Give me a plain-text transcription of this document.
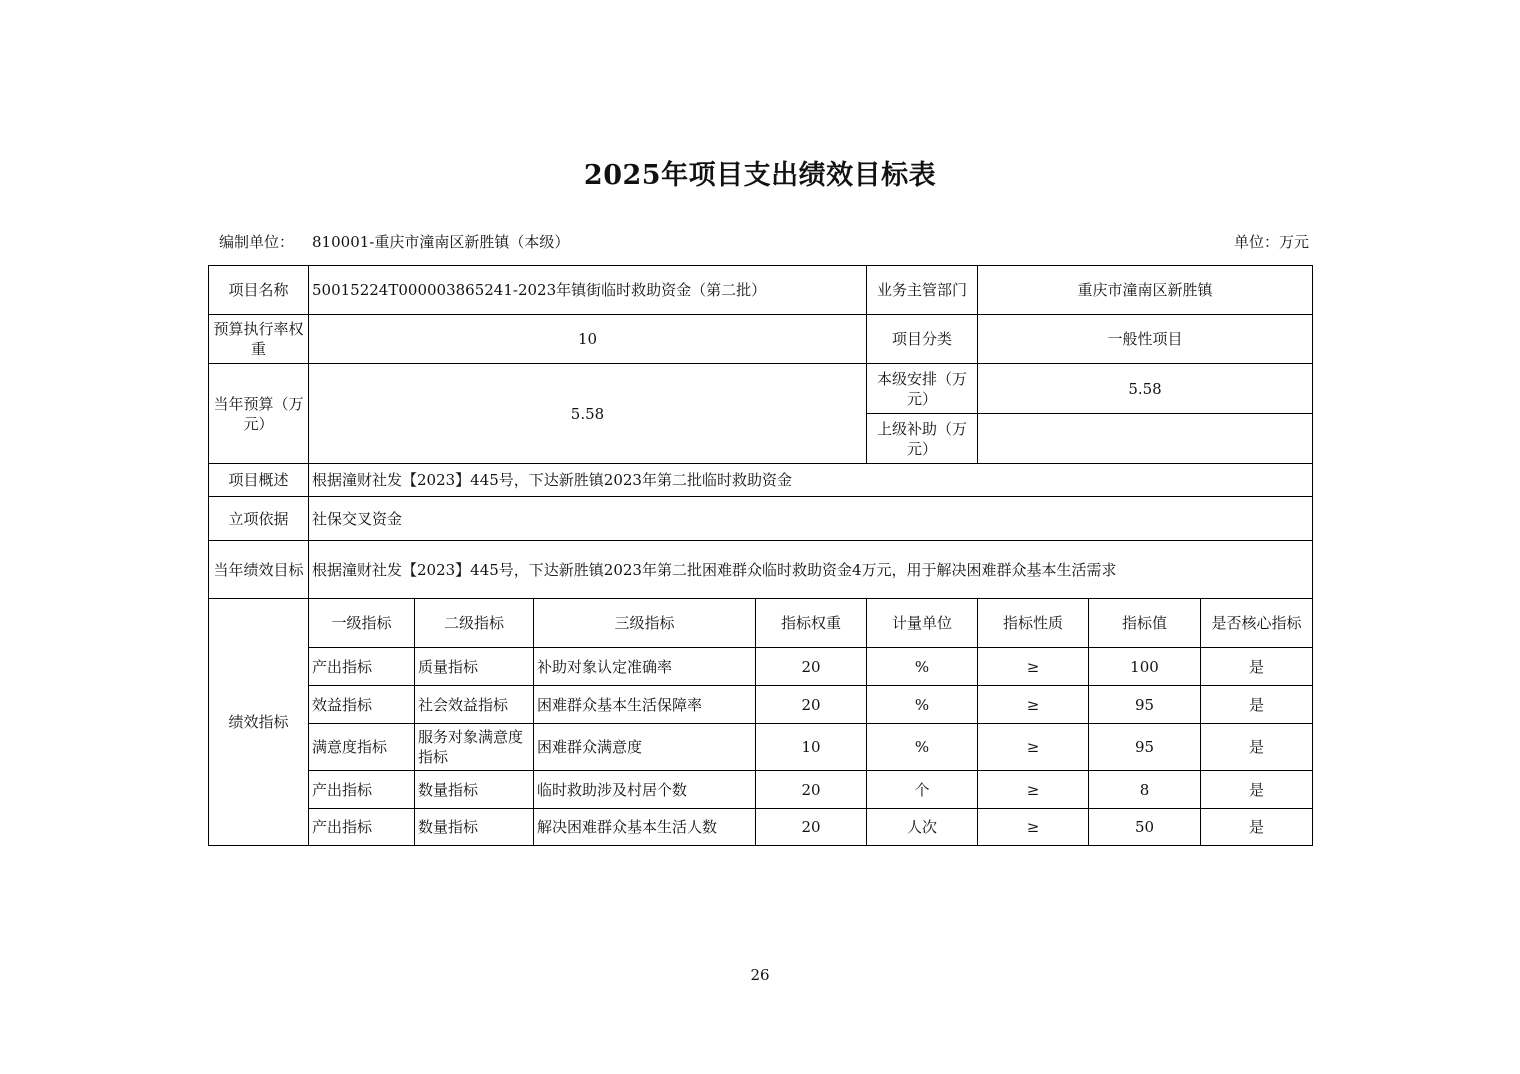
2025年项目支出绩效目标表
编制单位： 810001-重庆市潼南区新胜镇（本级）	单位：万元
项目名称	50015224T000003865241-2023年镇街临时救助资金（第二批）				业务主管部门	重庆市潼南区新胜镇		
预算执行率权重	10				项目分类	一般性项目		
当年预算（万元）	5.58				本级安排（万元）	5.58		
					上级补助（万元）			
项目概述	根据潼财社发【2023】445号，下达新胜镇2023年第二批临时救助资金							
立项依据	社保交叉资金							
当年绩效目标	根据潼财社发【2023】445号，下达新胜镇2023年第二批困难群众临时救助资金4万元，用于解决困难群众基本生活需求							
绩效指标	一级指标	二级指标	三级指标	指标权重	计量单位	指标性质	指标值	是否核心指标
	产出指标	质量指标	补助对象认定准确率	20	%	≥	100	是
	效益指标	社会效益指标	困难群众基本生活保障率	20	%	≥	95	是
	满意度指标	服务对象满意度指标	困难群众满意度	10	%	≥	95	是
	产出指标	数量指标	临时救助涉及村居个数	20	个	≥	8	是
	产出指标	数量指标	解决困难群众基本生活人数	20	人次	≥	50	是
26
